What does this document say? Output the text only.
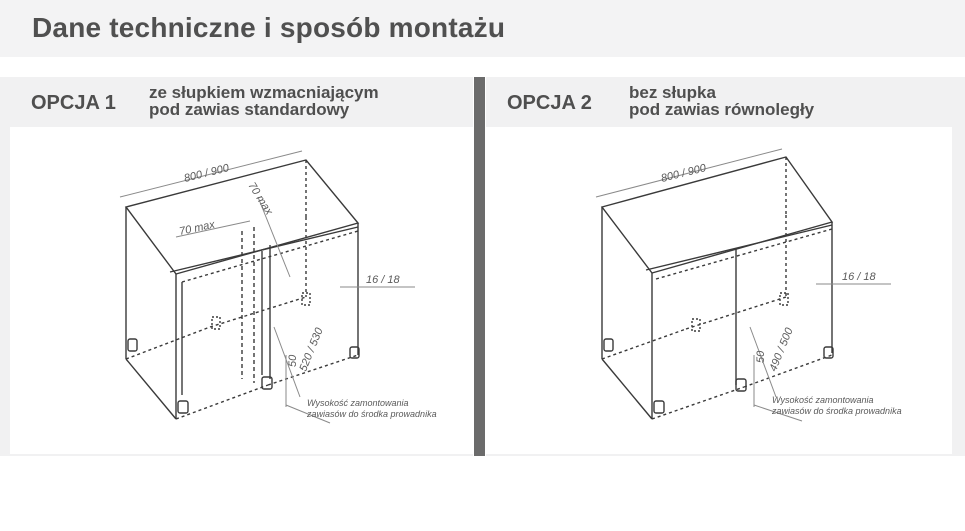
Dane techniczne i sposób montażu
OPCJA 1 ze słupkiem wzmacniającym
pod zawias standardowy
800 / 900
70 max
70 max
16 / 18
520 / 530
50
Wysokość zamontowania
zawiasów do środka prowadnika
OPCJA 2 bez słupka
pod zawias równoległy
800 / 900
16 / 18
490 / 500
50
Wysokość zamontowania
zawiasów do środka prowadnika
